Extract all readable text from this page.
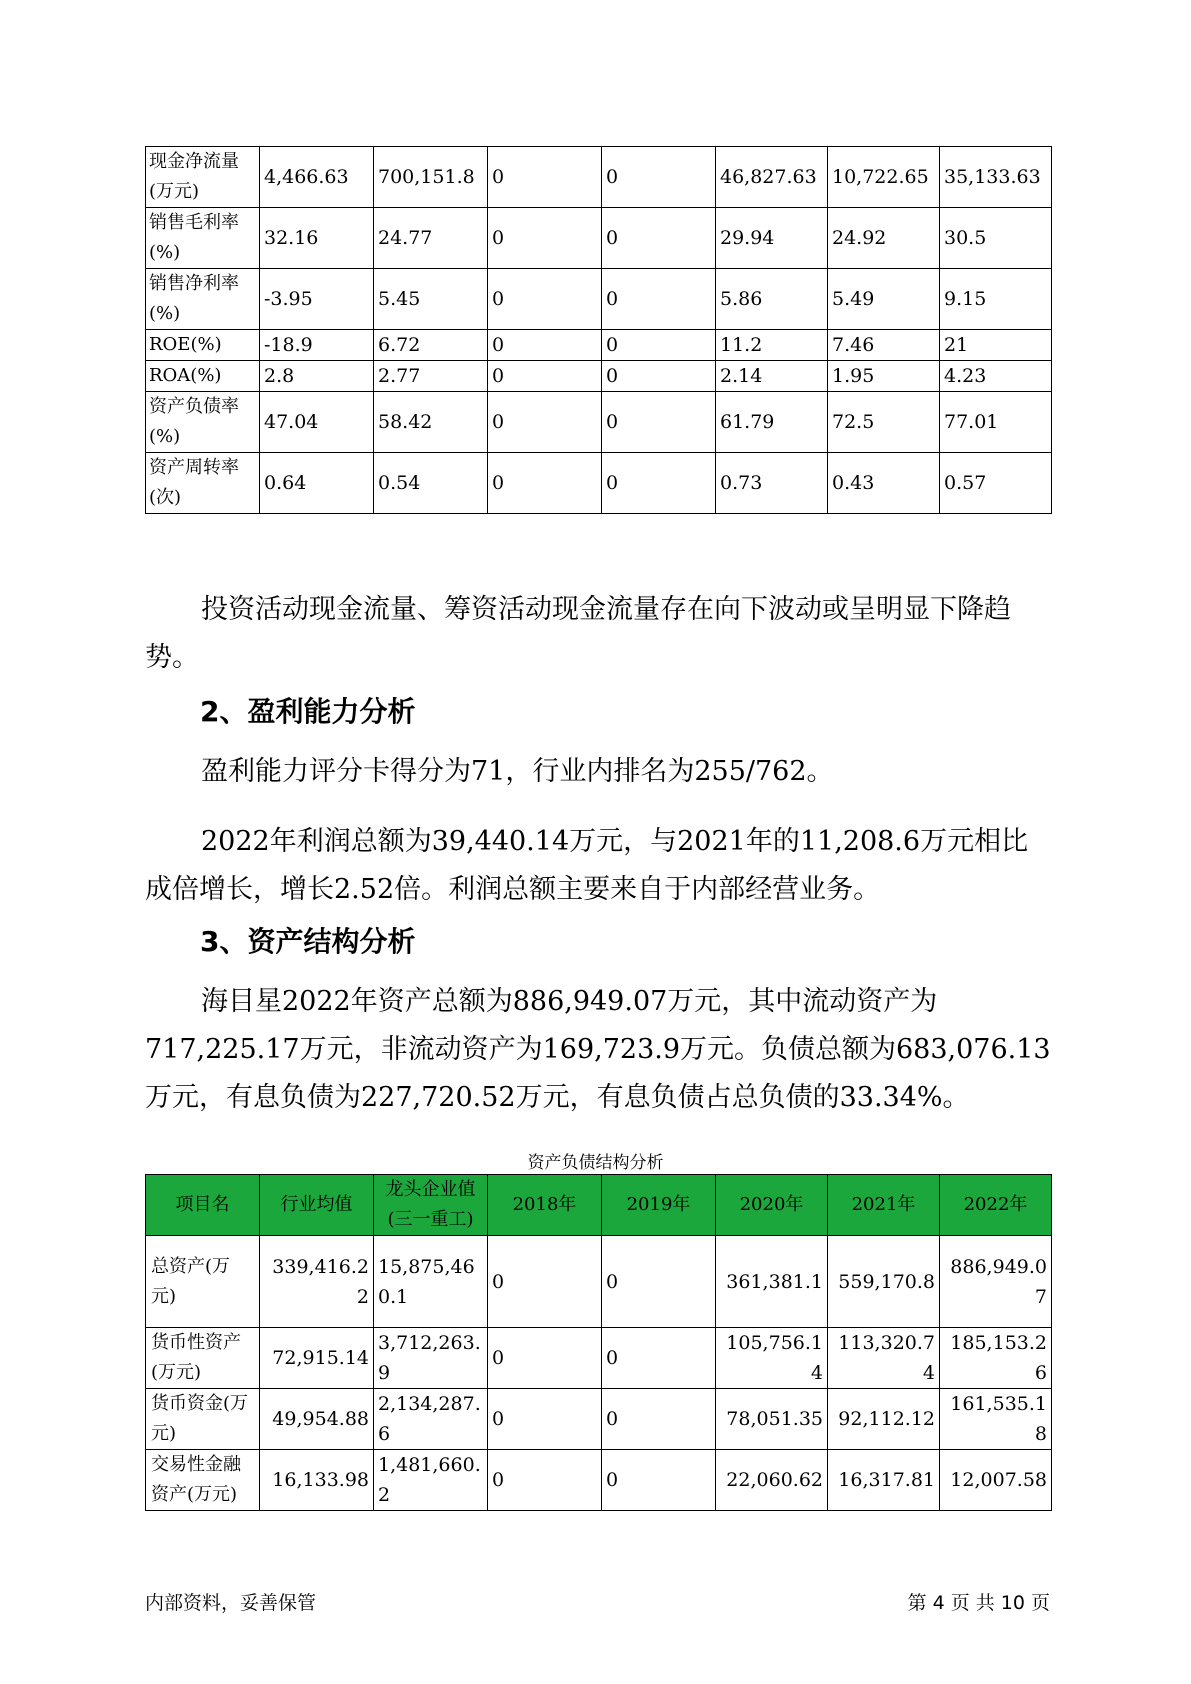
现金净流量(万元)	4,466.63	700,151.8	0	0	46,827.63	10,722.65	35,133.63
销售毛利率(%)	32.16	24.77	0	0	29.94	24.92	30.5
销售净利率(%)	-3.95	5.45	0	0	5.86	5.49	9.15
ROE(%)	-18.9	6.72	0	0	11.2	7.46	21
ROA(%)	2.8	2.77	0	0	2.14	1.95	4.23
资产负债率(%)	47.04	58.42	0	0	61.79	72.5	77.01
资产周转率(次)	0.64	0.54	0	0	0.73	0.43	0.57

投资活动现金流量、筹资活动现金流量存在向下波动或呈明显下降趋势。

2、盈利能力分析

盈利能力评分卡得分为71，行业内排名为255/762。

2022年利润总额为39,440.14万元，与2021年的11,208.6万元相比成倍增长，增长2.52倍。利润总额主要来自于内部经营业务。

3、资产结构分析

海目星2022年资产总额为886,949.07万元，其中流动资产为717,225.17万元，非流动资产为169,723.9万元。负债总额为683,076.13万元，有息负债为227,720.52万元，有息负债占总负债的33.34%。

资产负债结构分析

项目名	行业均值	龙头企业值(三一重工)	2018年	2019年	2020年	2021年	2022年
总资产(万元)	339,416.22	15,875,460.1	0	0	361,381.1	559,170.8	886,949.07
货币性资产(万元)	72,915.14	3,712,263.9	0	0	105,756.14	113,320.74	185,153.26
货币资金(万元)	49,954.88	2,134,287.6	0	0	78,051.35	92,112.12	161,535.18
交易性金融资产(万元)	16,133.98	1,481,660.2	0	0	22,060.62	16,317.81	12,007.58
内部资料，妥善保管	第 4 页 共 10 页
